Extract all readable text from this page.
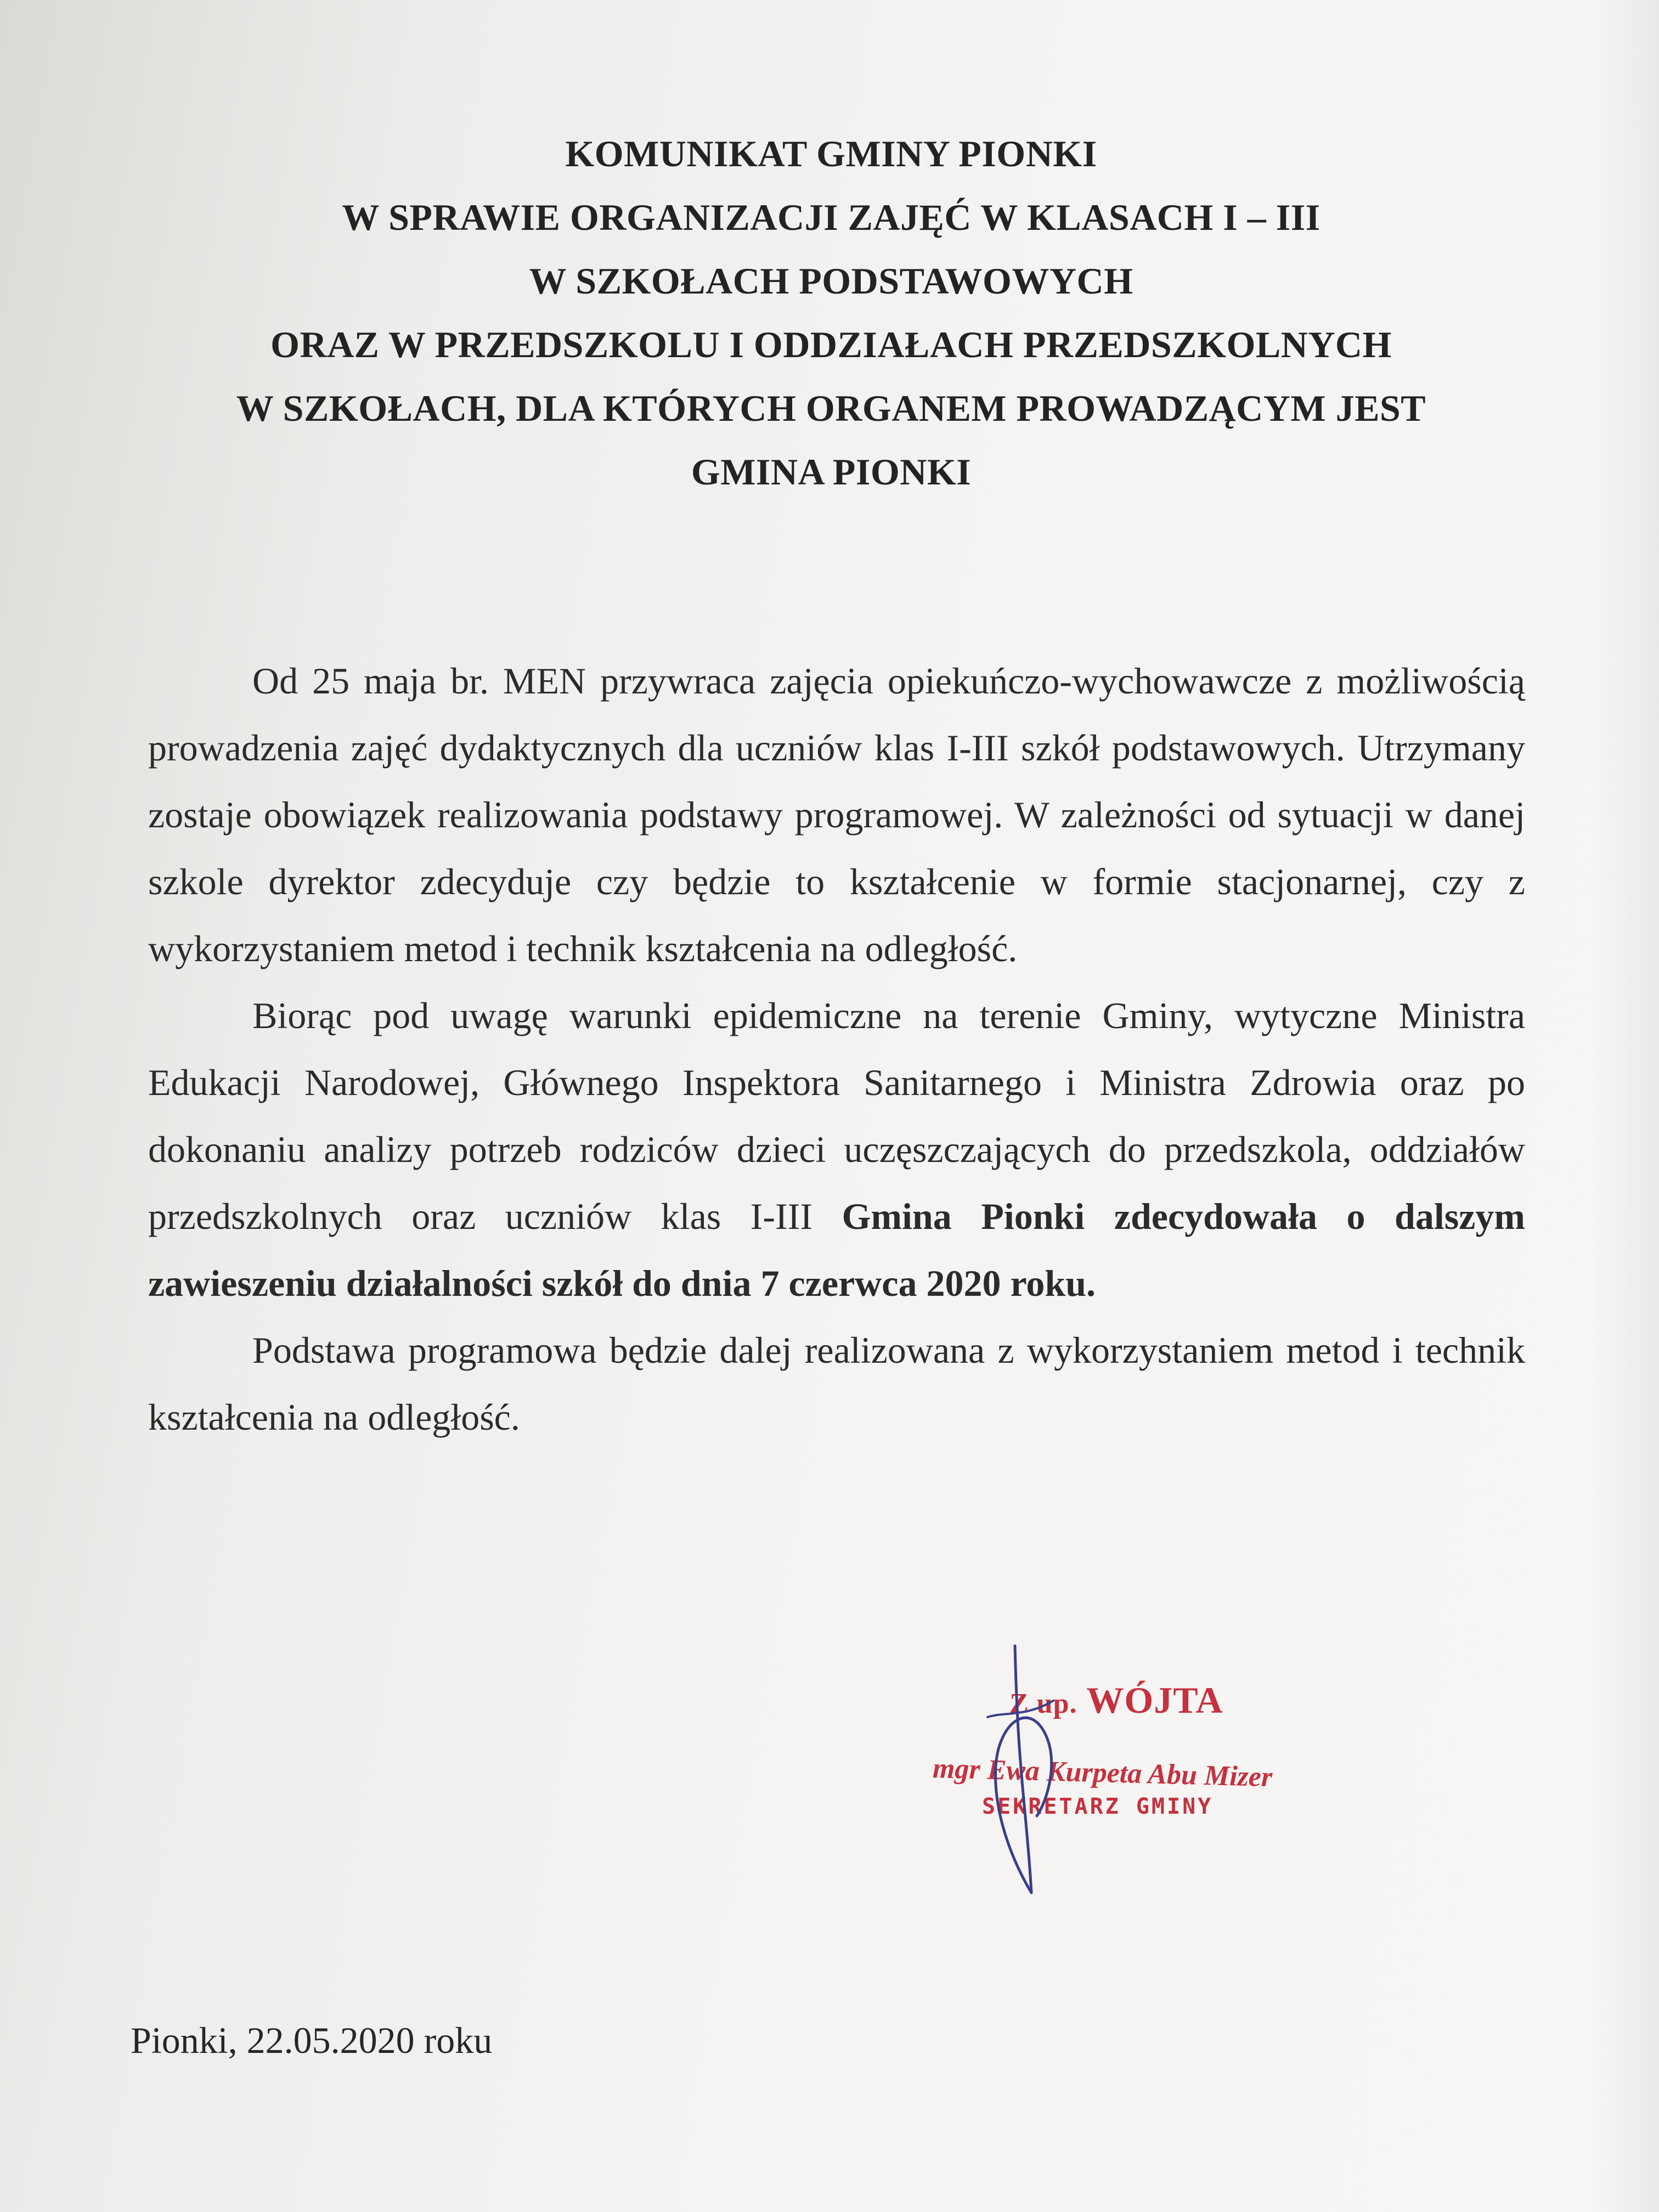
KOMUNIKAT GMINY PIONKI
W SPRAWIE ORGANIZACJI ZAJĘĆ W KLASACH I – III
W SZKOŁACH PODSTAWOWYCH
ORAZ W PRZEDSZKOLU I ODDZIAŁACH PRZEDSZKOLNYCH
W SZKOŁACH, DLA KTÓRYCH ORGANEM PROWADZĄCYM JEST
GMINA PIONKI

Od 25 maja br. MEN przywraca zajęcia opiekuńczo-wychowawcze z możliwością prowadzenia zajęć dydaktycznych dla uczniów klas I-III szkół podstawowych. Utrzymany zostaje obowiązek realizowania podstawy programowej. W zależności od sytuacji w danej szkole dyrektor zdecyduje czy będzie to kształcenie w formie stacjonarnej, czy z wykorzystaniem metod i technik kształcenia na odległość.

Biorąc pod uwagę warunki epidemiczne na terenie Gminy, wytyczne Ministra Edukacji Narodowej, Głównego Inspektora Sanitarnego i Ministra Zdrowia oraz po dokonaniu analizy potrzeb rodziców dzieci uczęszczających do przedszkola, oddziałów przedszkolnych oraz uczniów klas I-III Gmina Pionki zdecydowała o dalszym zawieszeniu działalności szkół do dnia 7 czerwca 2020 roku.

Podstawa programowa będzie dalej realizowana z wykorzystaniem metod i technik kształcenia na odległość.

Z up. WÓJTA
mgr Ewa Kurpeta Abu Mizer
SEKRETARZ GMINY
Pionki, 22.05.2020 roku
